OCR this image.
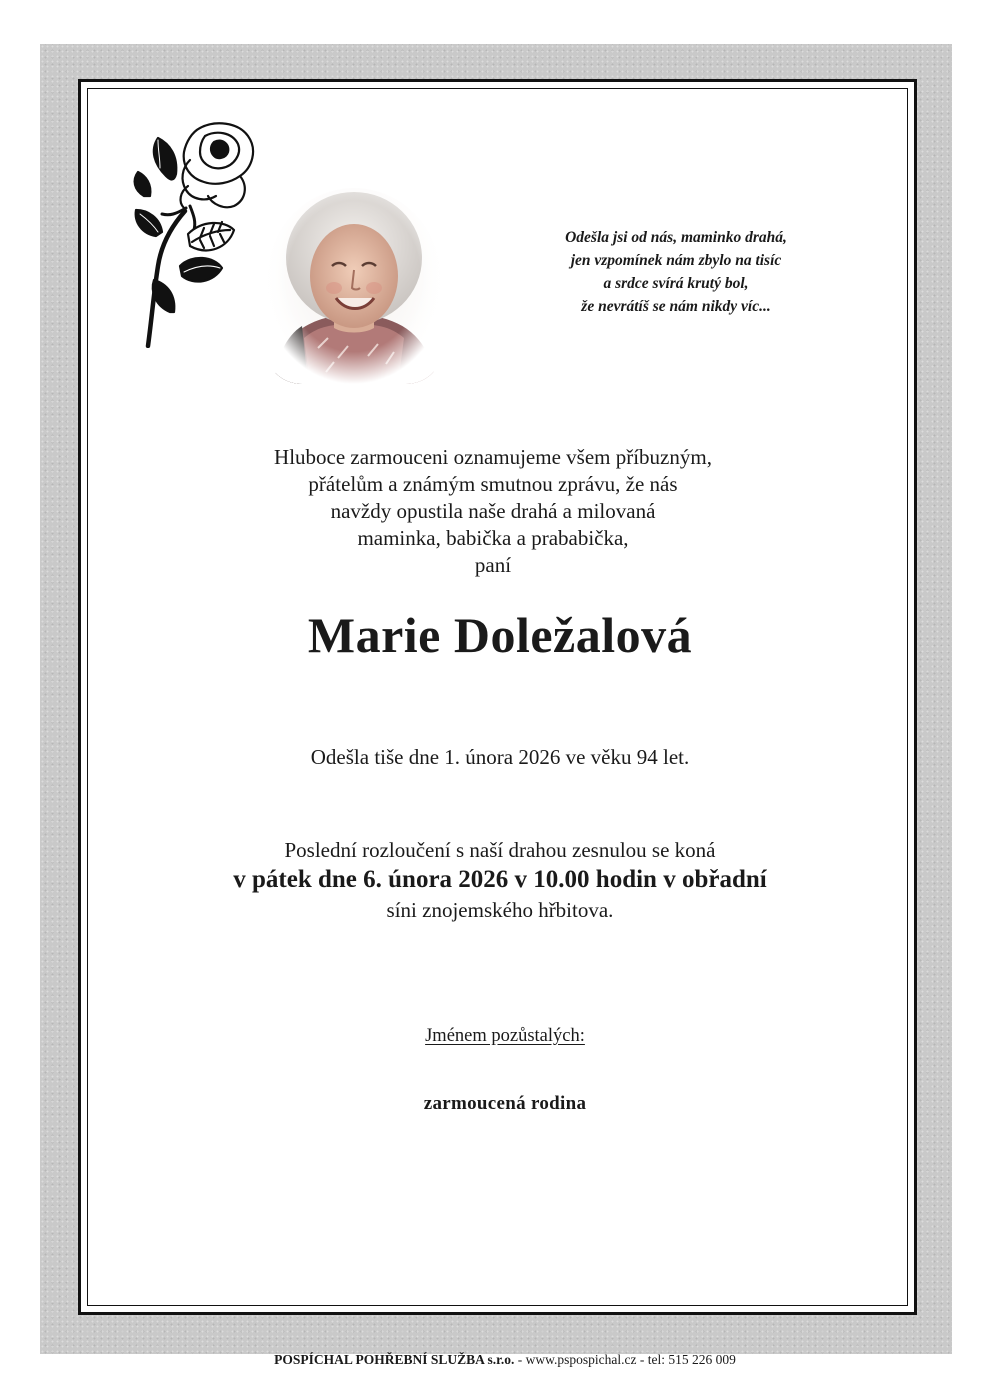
Odešla jsi od nás, maminko drahá,
jen vzpomínek nám zbylo na tisíc
a srdce svírá krutý bol,
že nevrátíš se nám nikdy víc...
Hluboce zarmouceni oznamujeme všem příbuzným,
přátelům a známým smutnou zprávu, že nás
navždy opustila naše drahá a milovaná
maminka, babička a prababička,
paní
Marie Doležalová
Odešla tiše dne 1. února 2026 ve věku 94 let.
Poslední rozloučení s naší drahou zesnulou se koná
v pátek dne 6. února 2026 v 10.00 hodin v obřadní
síni znojemského hřbitova.
Jménem pozůstalých:
zarmoucená rodina
POSPÍCHAL POHŘEBNÍ SLUŽBA s.r.o. - www.pspospichal.cz - tel: 515 226 009
